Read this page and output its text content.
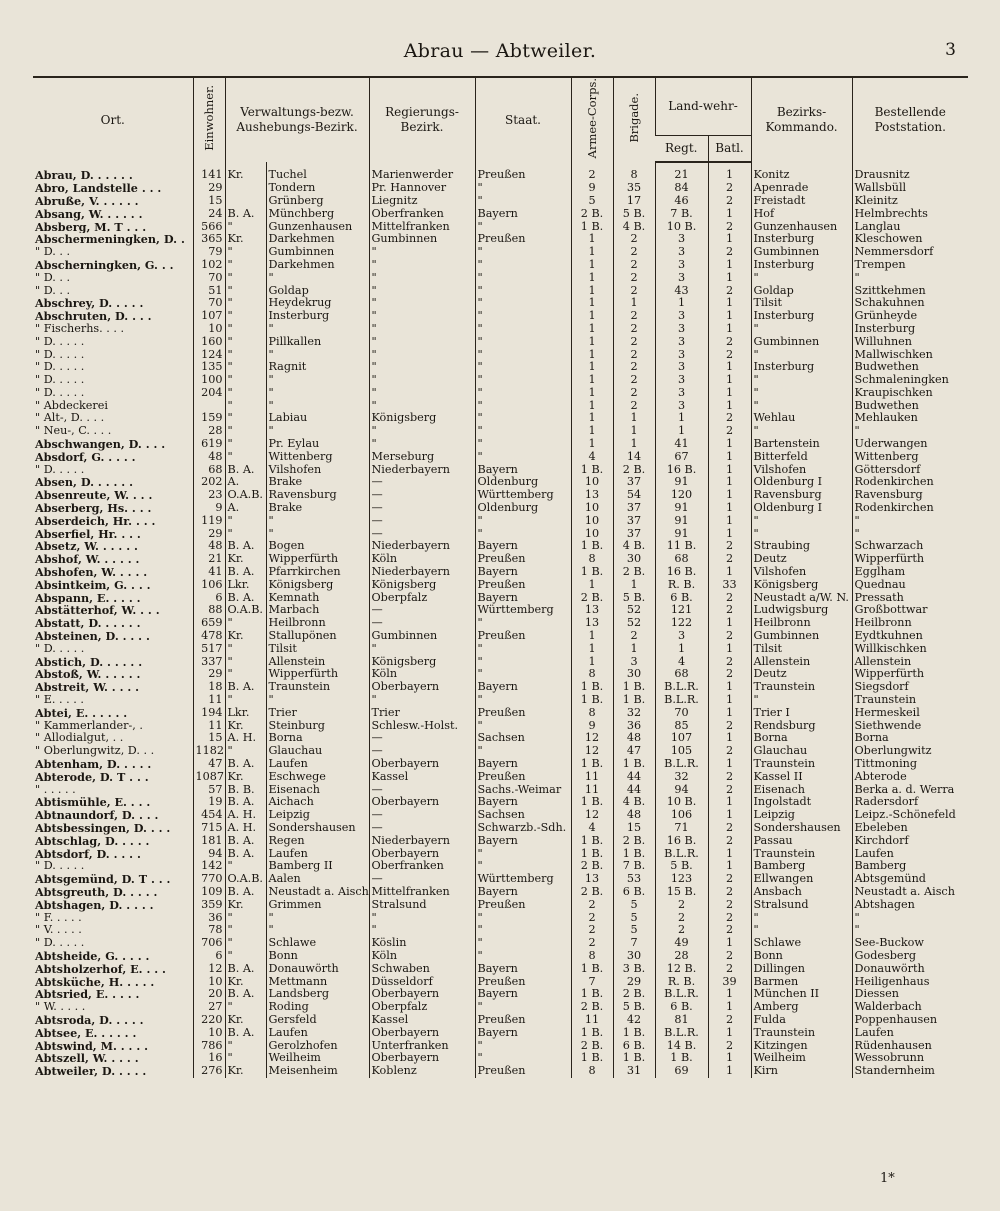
Abrau — Abtweiler.	3
Ort.	Einwohner.	Verwaltungs-bezw. Aushebungs-Bezirk.		Regierungs-Bezirk.	Staat.	Armee-Corps.	Brigade.	Land-wehr-		Bezirks-Kommando.	Bestellende Poststation.
								Regt.	Batl.		
Abrau, D. . . . . .	141	Kr.	Tuchel	Marienwerder	Preußen	2	8	21	1	Konitz	Drausnitz
Abro, Landstelle . . .	29		Tondern	Pr. Hannover	"	9	35	84	2	Apenrade	Wallsbüll
Abruße, V. . . . . .	15		Grünberg	Liegnitz	"	5	17	46	2	Freistadt	Kleinitz
Absang, W. . . . . .	24	B. A.	Münchberg	Oberfranken	Bayern	2 B.	5 B.	7 B.	1	Hof	Helmbrechts
Absberg, M. T . . .	566	"	Gunzenhausen	Mittelfranken	"	1 B.	4 B.	10 B.	2	Gunzenhausen	Langlau
Abschermeningken, D. .	365	Kr.	Darkehmen	Gumbinnen	Preußen	1	2	3	1	Insterburg	Kleschowen
" D. . .	79	"	Gumbinnen	"	"	1	2	3	2	Gumbinnen	Nemmersdorf
Abscherningken, G. . .	102	"	Darkehmen	"	"	1	2	3	1	Insterburg	Trempen
" D. . .	70	"	"	"	"	1	2	3	1	"	"
" D. . .	51	"	Goldap	"	"	1	2	43	2	Goldap	Szittkehmen
Abschrey, D. . . . .	70	"	Heydekrug	"	"	1	1	1	1	Tilsit	Schakuhnen
Abschruten, D. . . .	107	"	Insterburg	"	"	1	2	3	1	Insterburg	Grünheyde
" Fischerhs. . . .	10	"	"	"	"	1	2	3	1	"	Insterburg
" D. . . . .	160	"	Pillkallen	"	"	1	2	3	2	Gumbinnen	Willuhnen
" D. . . . .	124	"	"	"	"	1	2	3	2	"	Mallwischken
" D. . . . .	135	"	Ragnit	"	"	1	2	3	1	Insterburg	Budwethen
" D. . . . .	100	"	"	"	"	1	2	3	1	"	Schmaleningken
" D. . . . .	204	"	"	"	"	1	2	3	1	"	Kraupischken
" Abdeckerei		"	"	"	"	1	2	3	1	"	Budwethen
" Alt-, D. . . .	159	"	Labiau	Königsberg	"	1	1	1	2	Wehlau	Mehlauken
" Neu-, C. . . .	28	"	"	"	"	1	1	1	2	"	"
Abschwangen, D. . . .	619	"	Pr. Eylau	"	"	1	1	41	1	Bartenstein	Uderwangen
Absdorf, G. . . . .	48	"	Wittenberg	Merseburg	"	4	14	67	1	Bitterfeld	Wittenberg
" D. . . . .	68	B. A.	Vilshofen	Niederbayern	Bayern	1 B.	2 B.	16 B.	1	Vilshofen	Göttersdorf
Absen, D. . . . . .	202	A.	Brake	—	Oldenburg	10	37	91	1	Oldenburg I	Rodenkirchen
Absenreute, W. . . .	23	O.A.B.	Ravensburg	—	Württemberg	13	54	120	1	Ravensburg	Ravensburg
Abserberg, Hs. . . .	9	A.	Brake	—	Oldenburg	10	37	91	1	Oldenburg I	Rodenkirchen
Abserdeich, Hr. . . .	119	"	"	—	"	10	37	91	1	"	"
Abserfiel, Hr. . . .	29	"	"	—	"	10	37	91	1	"	"
Absetz, W. . . . . .	48	B. A.	Bogen	Niederbayern	Bayern	1 B.	4 B.	11 B.	2	Straubing	Schwarzach
Abshof, W. . . . . .	21	Kr.	Wipperfürth	Köln	Preußen	8	30	68	2	Deutz	Wipperfürth
Abshofen, W. . . . .	41	B. A.	Pfarrkirchen	Niederbayern	Bayern	1 B.	2 B.	16 B.	1	Vilshofen	Egglham
Absintkeim, G. . . .	106	Lkr.	Königsberg	Königsberg	Preußen	1	1	R. B.	33	Königsberg	Quednau
Abspann, E. . . . .	6	B. A.	Kemnath	Oberpfalz	Bayern	2 B.	5 B.	6 B.	2	Neustadt a/W. N.	Pressath
Abstätterhof, W. . . .	88	O.A.B.	Marbach	—	Württemberg	13	52	121	2	Ludwigsburg	Großbottwar
Abstatt, D. . . . . .	659	"	Heilbronn	—	"	13	52	122	1	Heilbronn	Heilbronn
Absteinen, D. . . . .	478	Kr.	Stallupönen	Gumbinnen	Preußen	1	2	3	2	Gumbinnen	Eydtkuhnen
" D. . . . .	517	"	Tilsit	"	"	1	1	1	1	Tilsit	Willkischken
Abstich, D. . . . . .	337	"	Allenstein	Königsberg	"	1	3	4	2	Allenstein	Allenstein
Abstoß, W. . . . . .	29	"	Wipperfürth	Köln	"	8	30	68	2	Deutz	Wipperfürth
Abstreit, W. . . . .	18	B. A.	Traunstein	Oberbayern	Bayern	1 B.	1 B.	B.L.R.	1	Traunstein	Siegsdorf
" E. . . . .	11	"	"	"	"	1 B.	1 B.	B.L.R.	1	"	Traunstein
Abtei, E. . . . . .	194	Lkr.	Trier	Trier	Preußen	8	32	70	1	Trier I	Hermeskeil
" Kammerlander-, .	11	Kr.	Steinburg	Schlesw.-Holst.	"	9	36	85	2	Rendsburg	Siethwende
" Allodialgut, . .	15	A. H.	Borna	—	Sachsen	12	48	107	1	Borna	Borna
" Oberlungwitz, D. . .	1182	"	Glauchau	—	"	12	47	105	2	Glauchau	Oberlungwitz
Abtenham, D. . . . .	47	B. A.	Laufen	Oberbayern	Bayern	1 B.	1 B.	B.L.R.	1	Traunstein	Tittmoning
Abterode, D. T . . .	1087	Kr.	Eschwege	Kassel	Preußen	11	44	32	2	Kassel II	Abterode
" . . . . .	57	B. B.	Eisenach	—	Sachs.-Weimar	11	44	94	2	Eisenach	Berka a. d. Werra
Abtismühle, E. . . .	19	B. A.	Aichach	Oberbayern	Bayern	1 B.	4 B.	10 B.	1	Ingolstadt	Radersdorf
Abtnaundorf, D. . . .	454	A. H.	Leipzig	—	Sachsen	12	48	106	1	Leipzig	Leipz.-Schönefeld
Abtsbessingen, D. . . .	715	A. H.	Sondershausen	—	Schwarzb.-Sdh.	4	15	71	2	Sondershausen	Ebeleben
Abtschlag, D. . . . .	181	B. A.	Regen	Niederbayern	Bayern	1 B.	2 B.	16 B.	2	Passau	Kirchdorf
Abtsdorf, D. . . . .	94	B. A.	Laufen	Oberbayern	"	1 B.	1 B.	B.L.R.	1	Traunstein	Laufen
" D. . . . .	142	"	Bamberg II	Oberfranken	"	2 B.	7 B.	5 B.	1	Bamberg	Bamberg
Abtsgemünd, D. T . . .	770	O.A.B.	Aalen	—	Württemberg	13	53	123	2	Ellwangen	Abtsgemünd
Abtsgreuth, D. . . . .	109	B. A.	Neustadt a. Aisch	Mittelfranken	Bayern	2 B.	6 B.	15 B.	2	Ansbach	Neustadt a. Aisch
Abtshagen, D. . . . .	359	Kr.	Grimmen	Stralsund	Preußen	2	5	2	2	Stralsund	Abtshagen
" F. . . . .	36	"	"	"	"	2	5	2	2	"	"
" V. . . . .	78	"	"	"	"	2	5	2	2	"	"
" D. . . . .	706	"	Schlawe	Köslin	"	2	7	49	1	Schlawe	See-Buckow
Abtsheide, G. . . . .	6	"	Bonn	Köln	"	8	30	28	2	Bonn	Godesberg
Abtsholzerhof, E. . . .	12	B. A.	Donauwörth	Schwaben	Bayern	1 B.	3 B.	12 B.	2	Dillingen	Donauwörth
Abtsküche, H. . . . .	10	Kr.	Mettmann	Düsseldorf	Preußen	7	29	R. B.	39	Barmen	Heiligenhaus
Abtsried, E. . . . .	20	B. A.	Landsberg	Oberbayern	Bayern	1 B.	2 B.	B.L.R.	1	München II	Diessen
" W. . . . .	27	"	Roding	Oberpfalz	"	2 B.	5 B.	6 B.	1	Amberg	Walderbach
Abtsroda, D. . . . .	220	Kr.	Gersfeld	Kassel	Preußen	11	42	81	2	Fulda	Poppenhausen
Abtsee, E. . . . . .	10	B. A.	Laufen	Oberbayern	Bayern	1 B.	1 B.	B.L.R.	1	Traunstein	Laufen
Abtswind, M. . . . .	786	"	Gerolzhofen	Unterfranken	"	2 B.	6 B.	14 B.	2	Kitzingen	Rüdenhausen
Abtszell, W. . . . .	16	"	Weilheim	Oberbayern	"	1 B.	1 B.	1 B.	1	Weilheim	Wessobrunn
Abtweiler, D. . . . .	276	Kr.	Meisenheim	Koblenz	Preußen	8	31	69	1	Kirn	Standernheim
1*
